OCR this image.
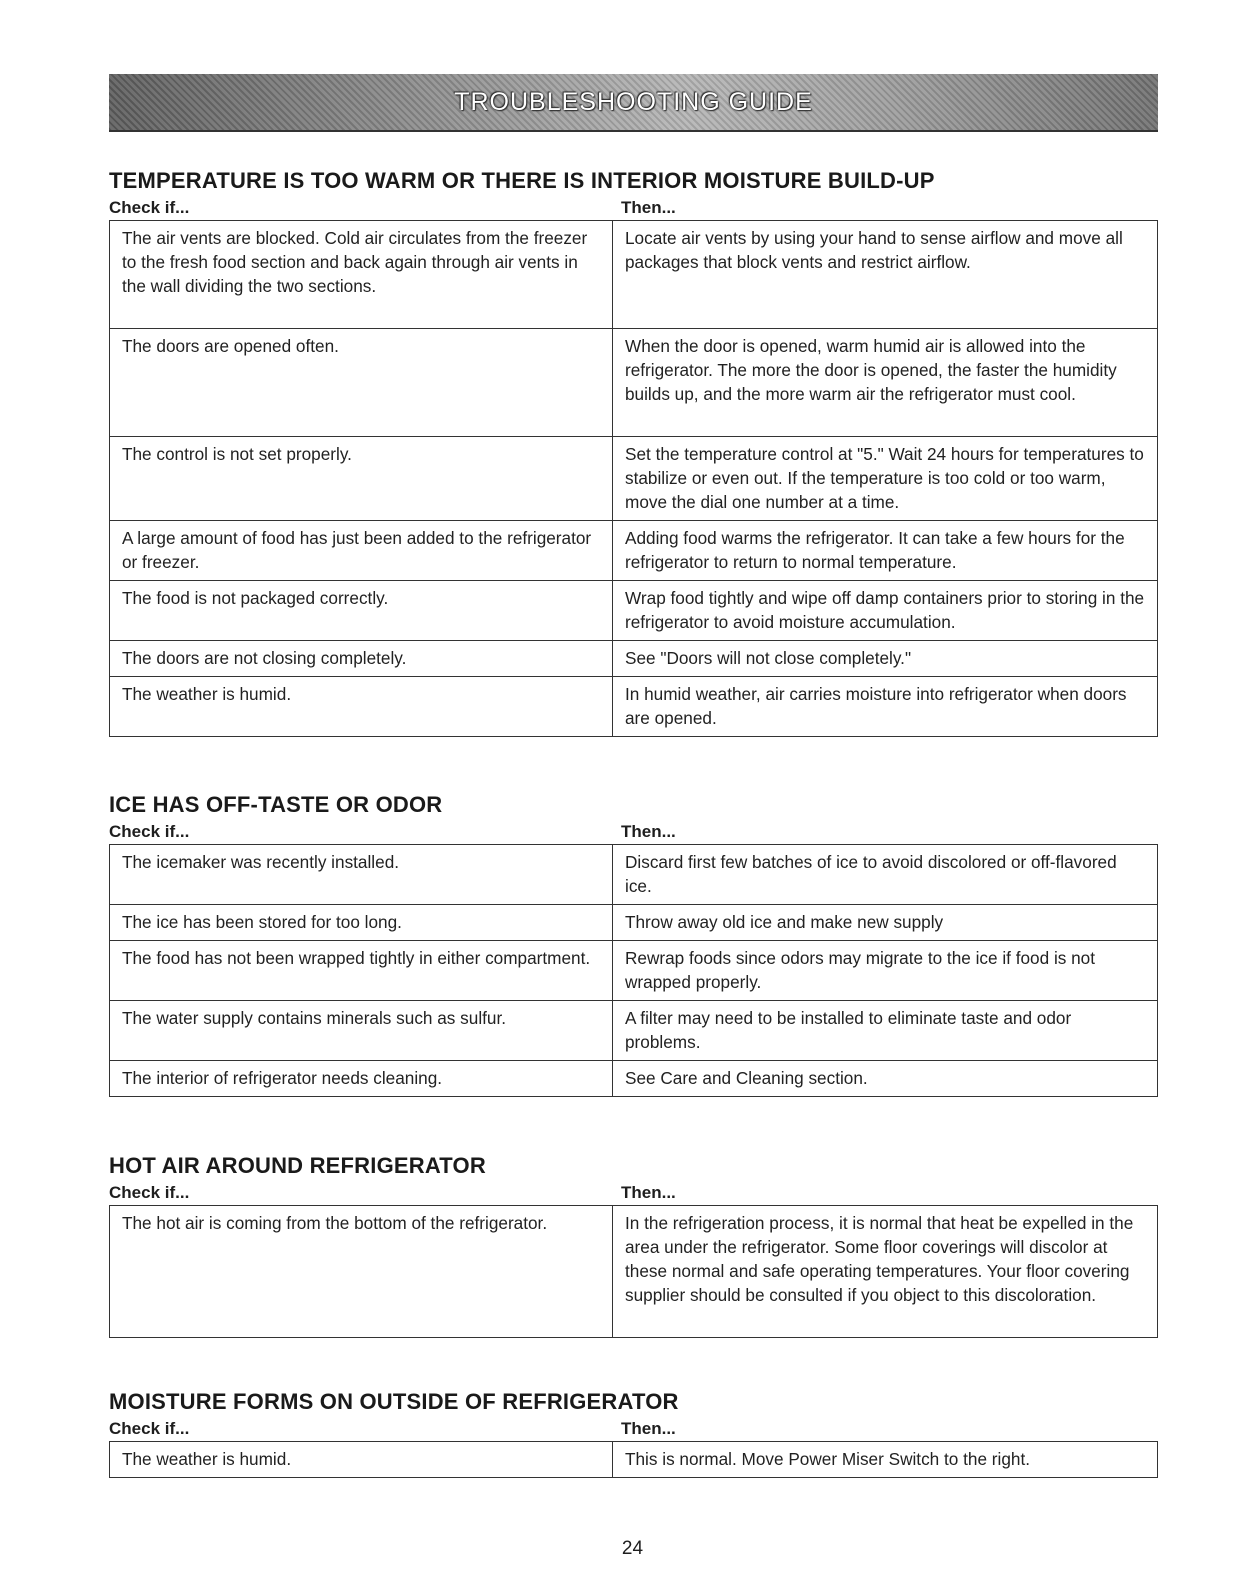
TROUBLESHOOTING GUIDE
TEMPERATURE IS TOO WARM OR THERE IS INTERIOR MOISTURE BUILD-UP
Check if...	Then...
The air vents are blocked. Cold air circulates from the freezer to the fresh food section and back again through air vents in the wall dividing the two sections.	Locate air vents by using your hand to sense airflow and move all packages that block vents and restrict airflow.
The doors are opened often.	When the door is opened, warm humid air is allowed into the refrigerator. The more the door is opened, the faster the humidity builds up, and the more warm air the refrigerator must cool.
The control is not set properly.	Set the temperature control at "5." Wait 24 hours for temperatures to stabilize or even out. If the temperature is too cold or too warm, move the dial one number at a time.
A large amount of food has just been added to the refrigerator or freezer.	Adding food warms the refrigerator. It can take a few hours for the refrigerator to return to normal temperature.
The food is not packaged correctly.	Wrap food tightly and wipe off damp containers prior to storing in the refrigerator to avoid moisture accumulation.
The doors are not closing completely.	See "Doors will not close completely."
The weather is humid.	In humid weather, air carries moisture into refrigerator when doors are opened.
ICE HAS OFF-TASTE OR ODOR
Check if...	Then...
The icemaker was recently installed.	Discard first few batches of ice to avoid discolored or off-flavored ice.
The ice has been stored for too long.	Throw away old ice and make new supply
The food has not been wrapped tightly in either compartment.	Rewrap foods since odors may migrate to the ice if food is not wrapped properly.
The water supply contains minerals such as sulfur.	A filter may need to be installed to eliminate taste and odor problems.
The interior of refrigerator needs cleaning.	See Care and Cleaning section.
HOT AIR AROUND REFRIGERATOR
Check if...	Then...
The hot air is coming from the bottom of the refrigerator.	In the refrigeration process, it is normal that heat be expelled in the area under the refrigerator. Some floor coverings will discolor at these normal and safe operating temperatures. Your floor covering supplier should be consulted if you object to this discoloration.
MOISTURE FORMS ON OUTSIDE OF REFRIGERATOR
Check if...	Then...
The weather is humid.	This is normal. Move Power Miser Switch to the right.
24
